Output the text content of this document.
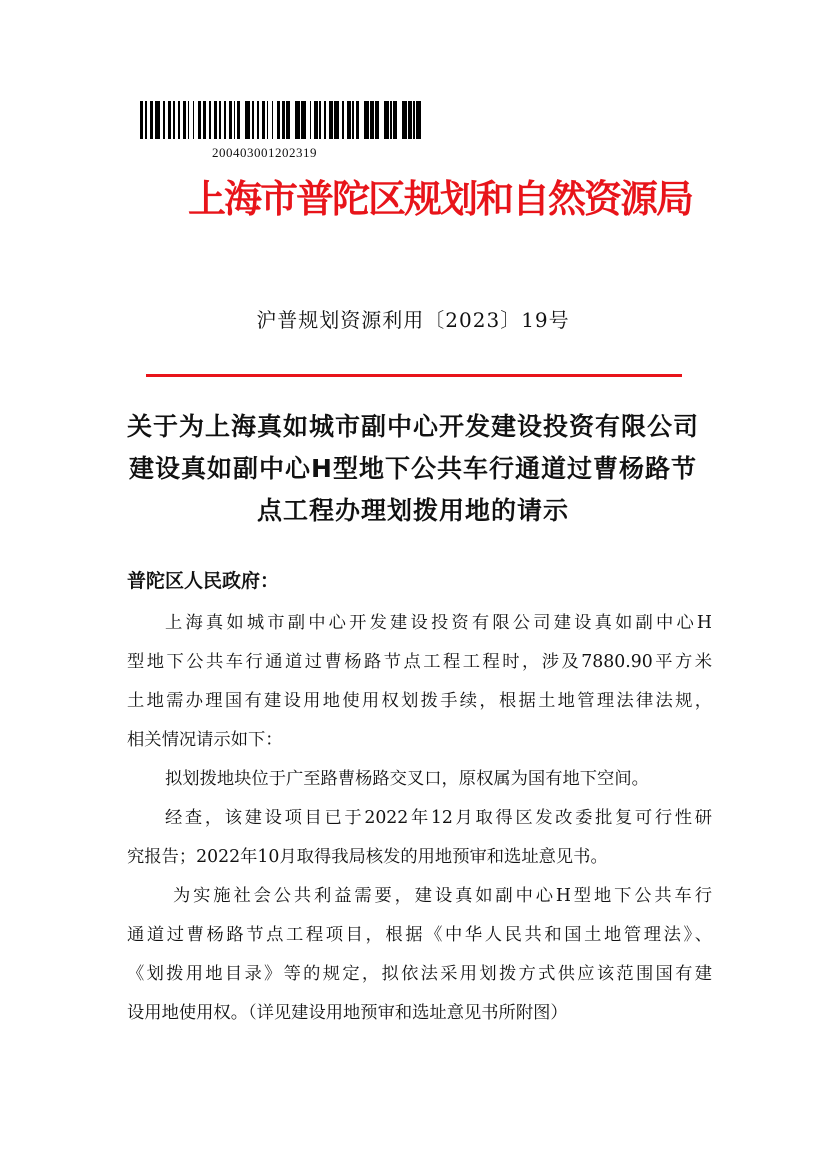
200403001202319
上海市普陀区规划和自然资源局
沪普规划资源利用〔2023〕19号
关于为上海真如城市副中心开发建设投资有限公司
建设真如副中心H型地下公共车行通道过曹杨路节
点工程办理划拨用地的请示
普陀区人民政府：

上海真如城市副中心开发建设投资有限公司建设真如副中心H
型地下公共车行通道过曹杨路节点工程工程时，涉及7880.90平方米
土地需办理国有建设用地使用权划拨手续，根据土地管理法律法规，
相关情况请示如下：

拟划拨地块位于广至路曹杨路交叉口，原权属为国有地下空间。

经查，该建设项目已于2022年12月取得区发改委批复可行性研
究报告；2022年10月取得我局核发的用地预审和选址意见书。

为实施社会公共利益需要，建设真如副中心H型地下公共车行
通道过曹杨路节点工程项目，根据《中华人民共和国土地管理法》、
《划拨用地目录》等的规定，拟依法采用划拨方式供应该范围国有建
设用地使用权。（详见建设用地预审和选址意见书所附图）
